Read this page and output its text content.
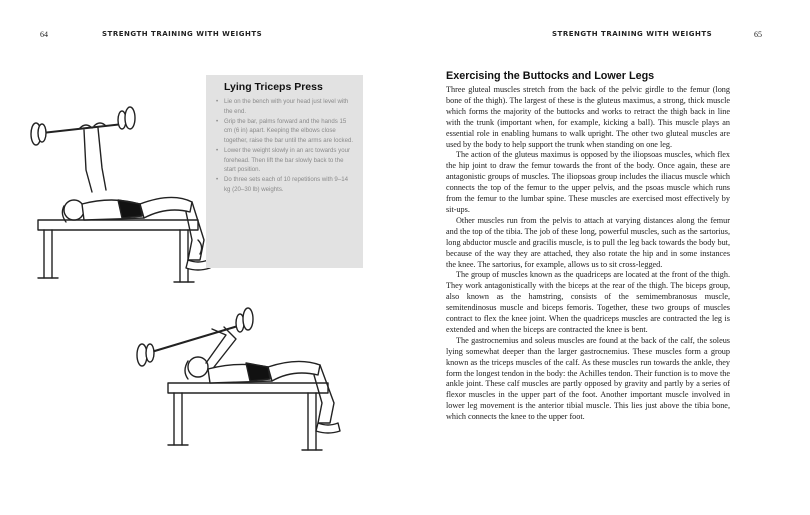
64	STRENGTH TRAINING WITH WEIGHTS	STRENGTH TRAINING WITH WEIGHTS	65
Lying Triceps Press
• Lie on the bench with your head just level with the end.
• Grip the bar, palms forward and the hands 15 cm (6 in) apart. Keeping the elbows close together, raise the bar until the arms are locked.
• Lower the weight slowly in an arc towards your forehead. Then lift the bar slowly back to the start position.
• Do three sets each of 10 repetitions with 9–14 kg (20–30 lb) weights.
Exercising the Buttocks and Lower Legs

Three gluteal muscles stretch from the back of the pelvic girdle to the femur (long bone of the thigh). The largest of these is the gluteus maximus, a strong, thick muscle which forms the majority of the buttocks and works to retract the thigh back in line with the trunk (important when, for example, kicking a ball). This muscle plays an essential role in enabling humans to walk upright. The other two gluteal muscles are used by the body to help support the trunk when standing on one leg.

The action of the gluteus maximus is opposed by the iliopsoas muscles, which flex the hip joint to draw the femur towards the front of the body. Once again, these are antagonistic groups of muscles. The iliopsoas group includes the iliacus muscle which connects the top of the femur to the upper pelvis, and the psoas muscle which runs from the femur to the lumbar spine. These muscles are exercised most effectively by sit-ups.

Other muscles run from the pelvis to attach at varying distances along the femur and the top of the tibia. The job of these long, powerful muscles, such as the sartorius, long abductor muscle and gracilis muscle, is to pull the leg back towards the body but, because of the way they are attached, they also rotate the hip and in some instances the knee. The sartorius, for example, allows us to sit cross-legged.

The group of muscles known as the quadriceps are located at the front of the thigh. They work antagonistically with the biceps at the rear of the thigh. The biceps group, also known as the hamstring, consists of the semimembranosus muscle, semitendinosus muscle and biceps femoris. Together, these two groups of muscles contract to flex the knee joint. When the quadriceps muscles are contracted the leg is extended and when the biceps are contracted the knee is bent.

The gastrocnemius and soleus muscles are found at the back of the calf, the soleus lying somewhat deeper than the larger gastrocnemius. These muscles form a group known as the triceps muscles of the calf. As these muscles run towards the ankle, they form the longest tendon in the body: the Achilles tendon. Their function is to move the ankle joint. These calf muscles are partly opposed by gravity and partly by a series of flexor muscles in the upper part of the foot. Another important muscle involved in lower leg movement is the anterior tibial muscle. This lies just above the tibia bone, which connects the knee to the upper foot.
